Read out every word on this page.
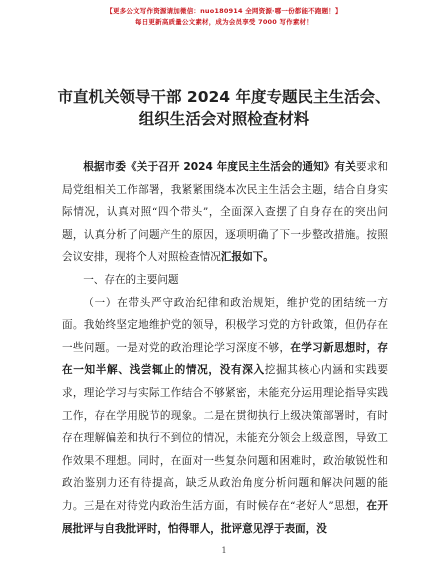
【更多公文写作资源请加微信：nuo180914 全网资源·哪一份都能不跑题！】
每日更新高质量公文素材，成为会员享受 7000 写作素材！
市直机关领导干部 2024 年度专题民主生活会、
组织生活会对照检查材料

根据市委《关于召开 2024 年度民主生活会的通知》有关要求和局党组相关工作部署，我紧紧围绕本次民主生活会主题，结合自身实际情况，认真对照“四个带头”，全面深入查摆了自身存在的突出问题，认真分析了问题产生的原因，逐项明确了下一步整改措施。按照会议安排，现将个人对照检查情况汇报如下。

一、存在的主要问题

（一）在带头严守政治纪律和政治规矩，维护党的团结统一方面。我始终坚定地维护党的领导，积极学习党的方针政策，但仍存在一些问题。一是对党的政治理论学习深度不够，在学习新思想时，存在一知半解、浅尝辄止的情况，没有深入挖掘其核心内涵和实践要求，理论学习与实际工作结合不够紧密，未能充分运用理论指导实践工作，存在学用脱节的现象。二是在贯彻执行上级决策部署时，有时存在理解偏差和执行不到位的情况，未能充分领会上级意图，导致工作效果不理想。同时，在面对一些复杂问题和困难时，政治敏锐性和政治鉴别力还有待提高，缺乏从政治角度分析问题和解决问题的能力。三是在对待党内政治生活方面，有时候存在“老好人”思想，在开展批评与自我批评时，怕得罪人，批评意见浮于表面，没

1
